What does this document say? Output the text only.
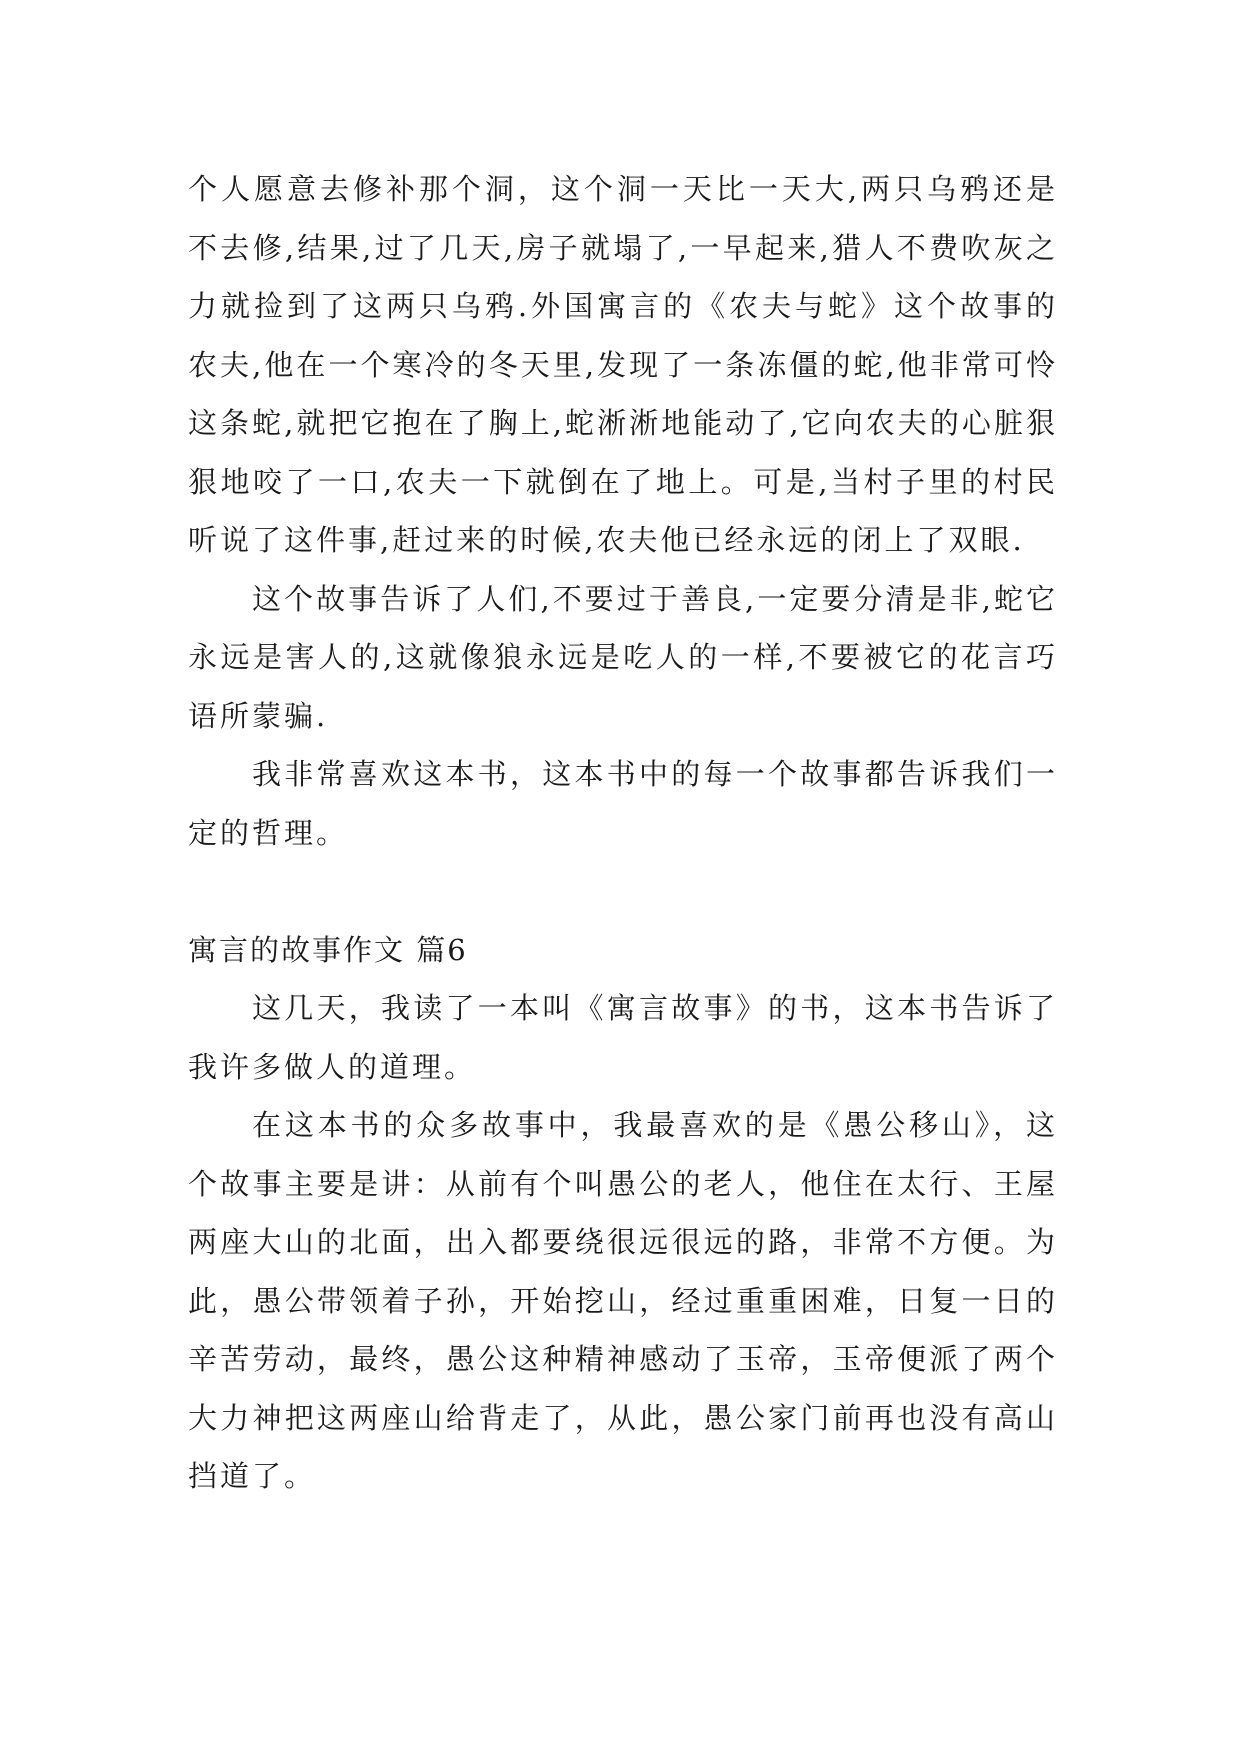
个人愿意去修补那个洞，这个洞一天比一天大,两只乌鸦还是不去修,结果,过了几天,房子就塌了,一早起来,猎人不费吹灰之力就捡到了这两只乌鸦.外国寓言的《农夫与蛇》这个故事的农夫,他在一个寒冷的冬天里,发现了一条冻僵的蛇,他非常可怜这条蛇,就把它抱在了胸上,蛇淅淅地能动了,它向农夫的心脏狠狠地咬了一口,农夫一下就倒在了地上。可是,当村子里的村民听说了这件事,赶过来的时候,农夫他已经永远的闭上了双眼.

这个故事告诉了人们,不要过于善良,一定要分清是非,蛇它永远是害人的,这就像狼永远是吃人的一样,不要被它的花言巧语所蒙骗.

我非常喜欢这本书，这本书中的每一个故事都告诉我们一定的哲理。

寓言的故事作文 篇6

这几天，我读了一本叫《寓言故事》的书，这本书告诉了我许多做人的道理。

在这本书的众多故事中，我最喜欢的是《愚公移山》，这个故事主要是讲：从前有个叫愚公的老人，他住在太行、王屋两座大山的北面，出入都要绕很远很远的路，非常不方便。为此，愚公带领着子孙，开始挖山，经过重重困难，日复一日的辛苦劳动，最终，愚公这种精神感动了玉帝，玉帝便派了两个大力神把这两座山给背走了，从此，愚公家门前再也没有高山挡道了。
